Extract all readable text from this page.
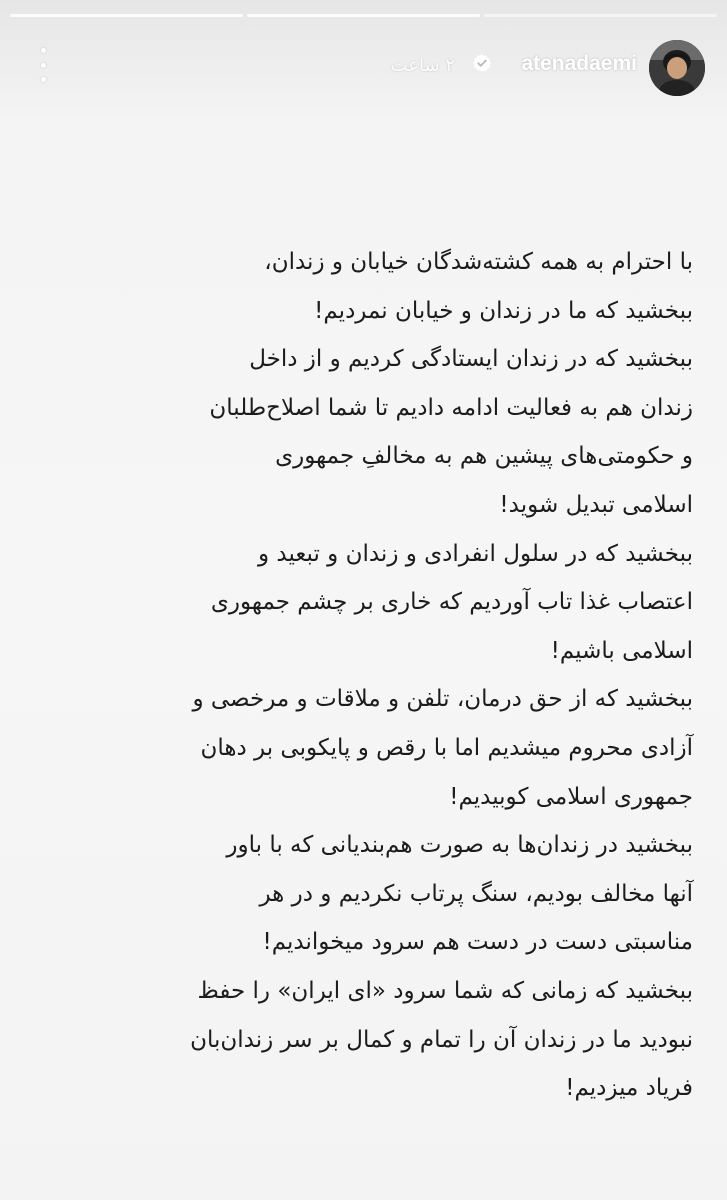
۲ ساعت	atenadaemi
با احترام به همه کشته‌شدگان خیابان و زندان،
ببخشید که ما در زندان و خیابان نمردیم!
ببخشید که در زندان ایستادگی کردیم و از داخل
زندان هم به فعالیت ادامه دادیم تا شما اصلاح‌طلبان
و حکومتی‌های پیشین هم به مخالفِ جمهوری
اسلامی تبدیل شوید!
ببخشید که در سلول انفرادی و زندان و تبعید و
اعتصاب غذا تاب آوردیم که خاری بر چشم جمهوری
اسلامی باشیم!
ببخشید که از حق درمان، تلفن و ملاقات و مرخصی و
آزادی محروم میشدیم اما با رقص و پایکوبی بر دهان
جمهوری اسلامی کوبیدیم!
ببخشید در زندان‌ها به صورت هم‌بندیانی که با باور
آنها مخالف بودیم، سنگ پرتاب نکردیم و در هر
مناسبتی دست در دست هم سرود میخواندیم!
ببخشید که زمانی که شما سرود «ای ایران» را حفظ
نبودید ما در زندان آن را تمام و کمال بر سر زندان‌بان
فریاد میزدیم!
